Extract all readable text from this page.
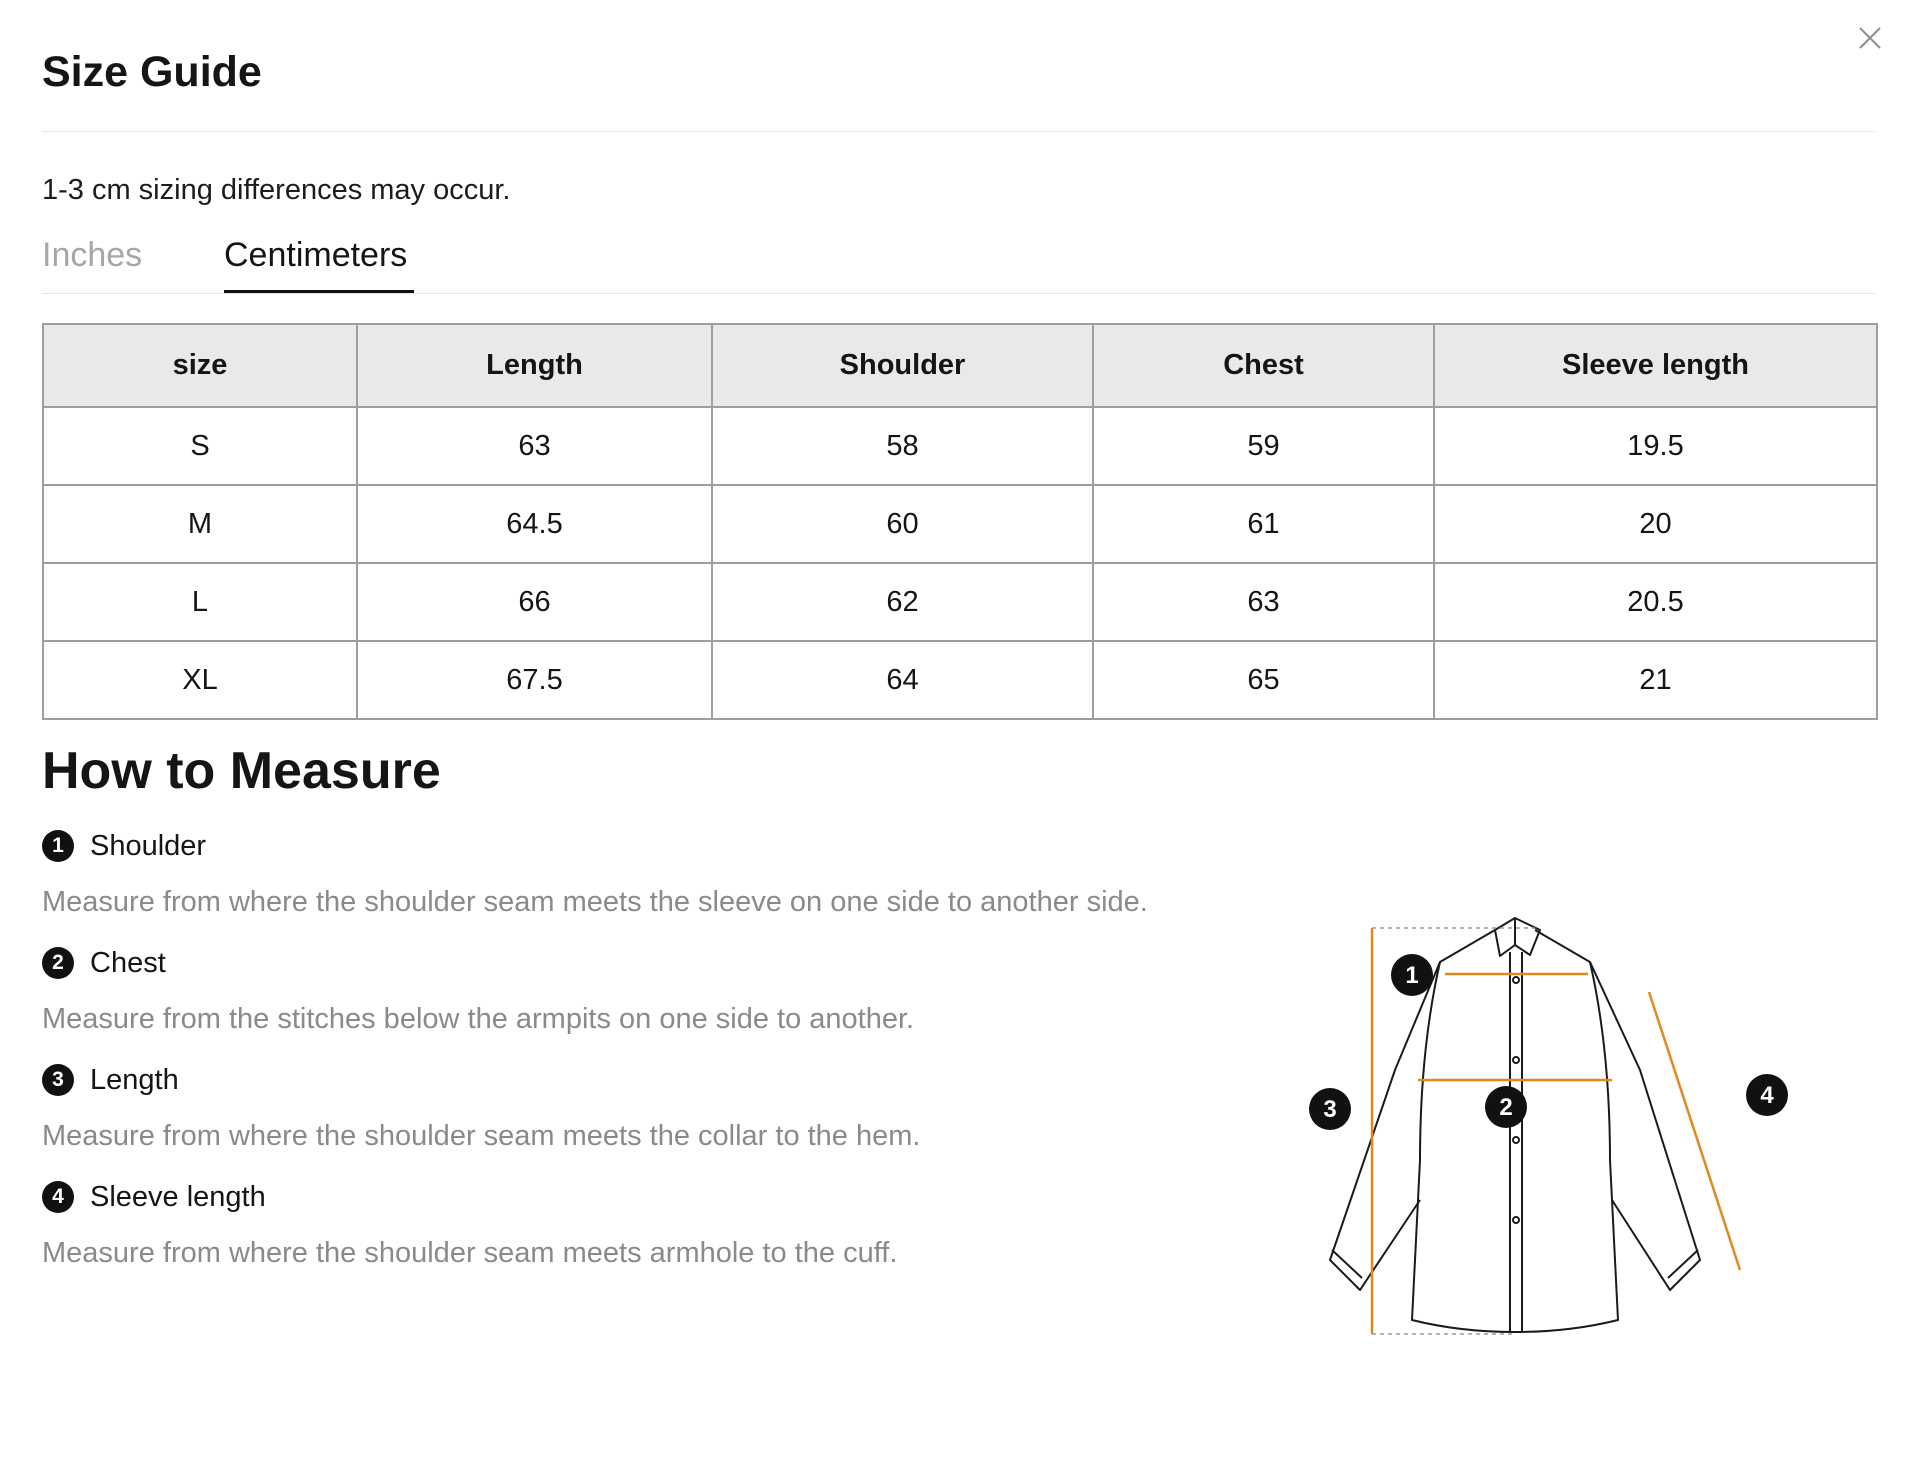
Size Guide
1-3 cm sizing differences may occur.
Inches Centimeters
size	Length	Shoulder	Chest	Sleeve length
S	63	58	59	19.5
M	64.5	60	61	20
L	66	62	63	20.5
XL	67.5	64	65	21
How to Measure
1 Shoulder
Measure from where the shoulder seam meets the sleeve on one side to another side.
2 Chest
Measure from the stitches below the armpits on one side to another.
3 Length
Measure from where the shoulder seam meets the collar to the hem.
4 Sleeve length
Measure from where the shoulder seam meets armhole to the cuff.
1
2
3
4
